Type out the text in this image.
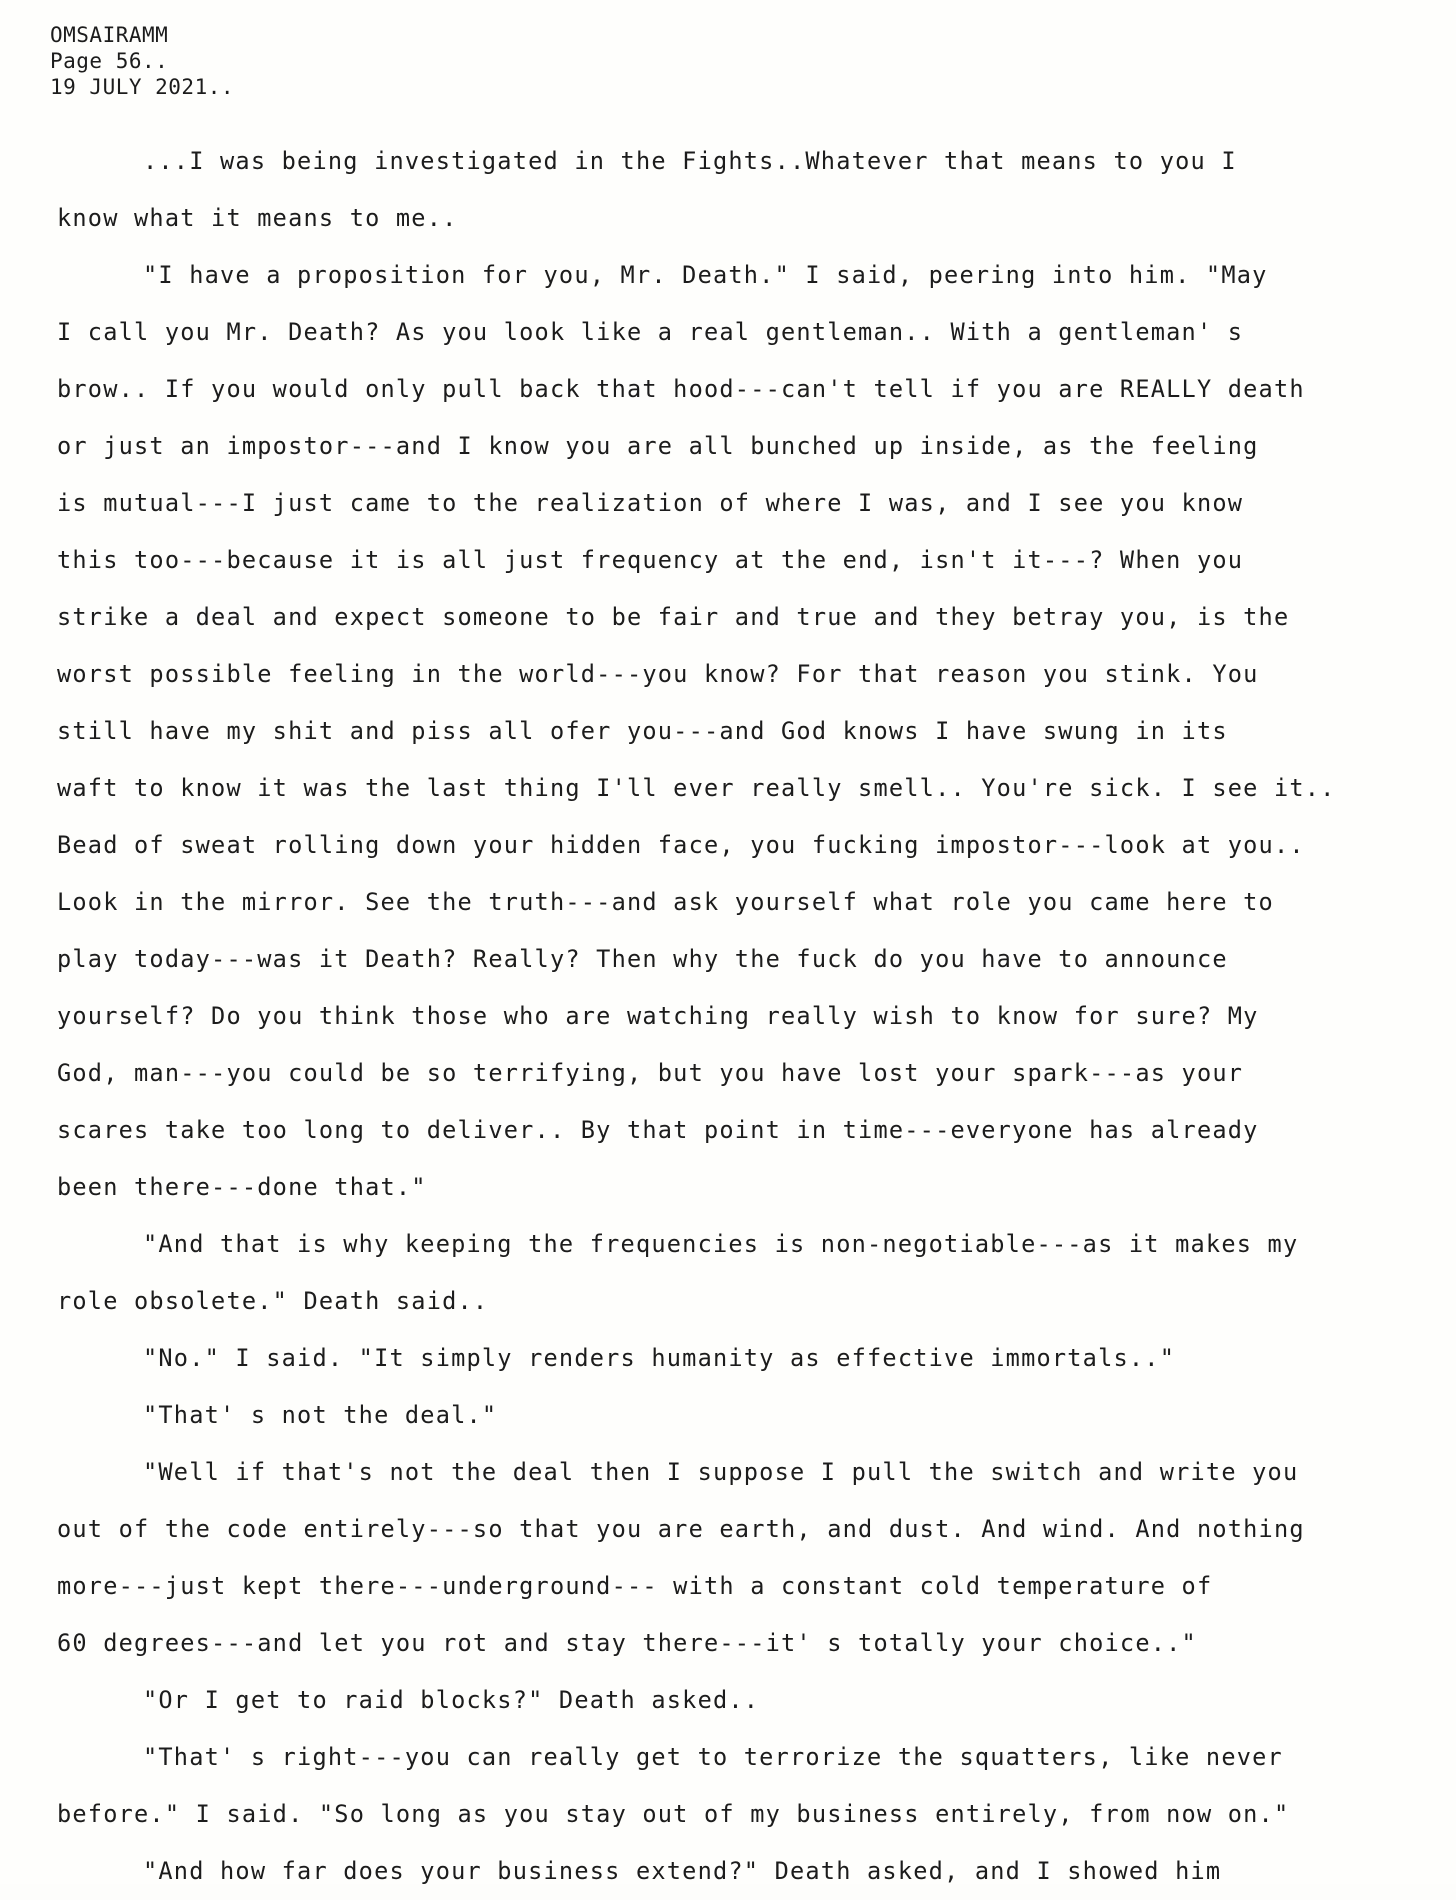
OMSAIRAMM
Page 56..
19 JULY 2021..
...I was being investigated in the Fights..Whatever that means to you I
know what it means to me..
"I have a proposition for you, Mr. Death." I said, peering into him. "May
I call you Mr. Death? As you look like a real gentleman.. With a gentleman' s
brow.. If you would only pull back that hood---can't tell if you are REALLY death
or just an impostor---and I know you are all bunched up inside, as the feeling
is mutual---I just came to the realization of where I was, and I see you know
this too---because it is all just frequency at the end, isn't it---? When you
strike a deal and expect someone to be fair and true and they betray you, is the
worst possible feeling in the world---you know? For that reason you stink. You
still have my shit and piss all ofer you---and God knows I have swung in its
waft to know it was the last thing I'll ever really smell.. You're sick. I see it..
Bead of sweat rolling down your hidden face, you fucking impostor---look at you..
Look in the mirror. See the truth---and ask yourself what role you came here to
play today---was it Death? Really? Then why the fuck do you have to announce
yourself? Do you think those who are watching really wish to know for sure? My
God, man---you could be so terrifying, but you have lost your spark---as your
scares take too long to deliver.. By that point in time---everyone has already
been there---done that."
"And that is why keeping the frequencies is non-negotiable---as it makes my
role obsolete." Death said..
"No." I said. "It simply renders humanity as effective immortals.."
"That' s not the deal."
"Well if that's not the deal then I suppose I pull the switch and write you
out of the code entirely---so that you are earth, and dust. And wind. And nothing
more---just kept there---underground--- with a constant cold temperature of
60 degrees---and let you rot and stay there---it' s totally your choice.."
"Or I get to raid blocks?" Death asked..
"That' s right---you can really get to terrorize the squatters, like never
before." I said. "So long as you stay out of my business entirely, from now on."
"And how far does your business extend?" Death asked, and I showed him
